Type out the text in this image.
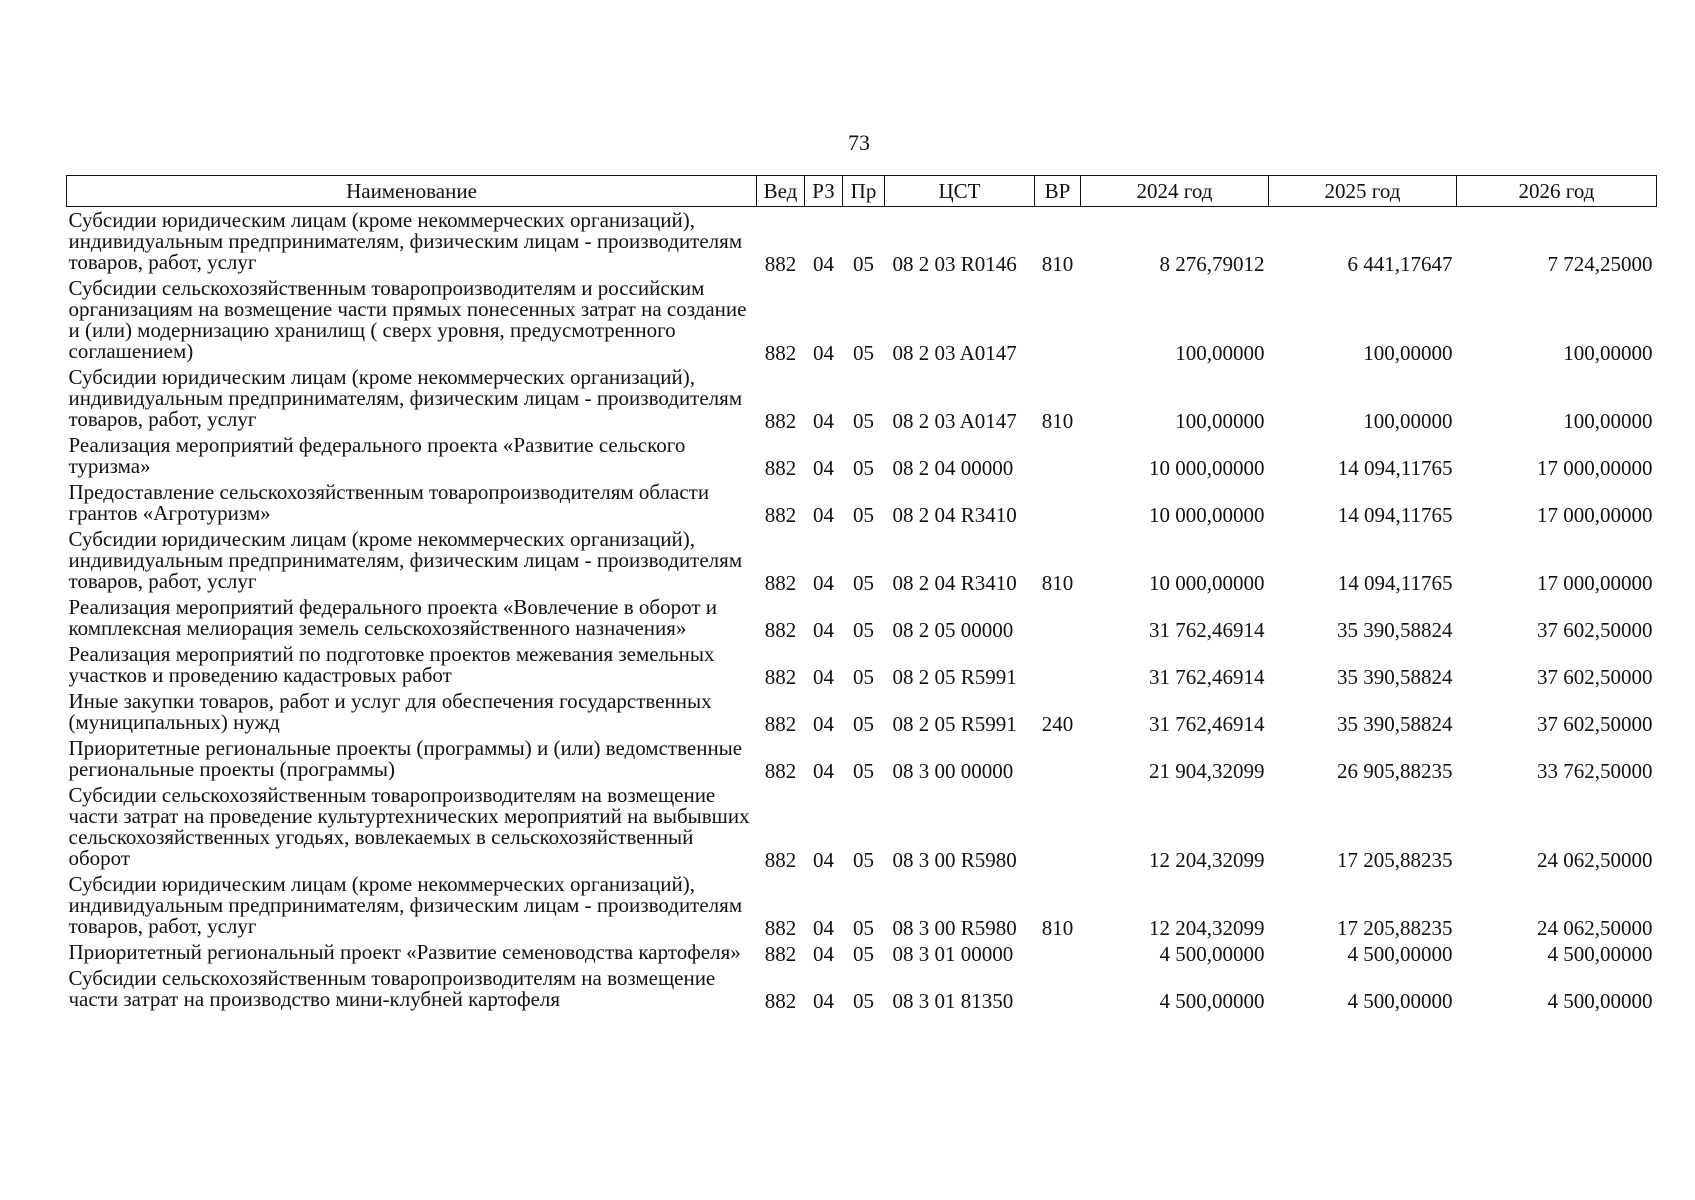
73
Наименование	Вед	РЗ	Пр	ЦСТ	ВР	2024 год	2025 год	2026 год
Субсидии юридическим лицам (кроме некоммерческих организаций), индивидуальным предпринимателям, физическим лицам - производителям товаров, работ, услуг	882	04	05	08 2 03 R0146	810	8 276,79012	6 441,17647	7 724,25000
Субсидии сельскохозяйственным товаропроизводителям и российским организациям на возмещение части прямых понесенных затрат на создание и (или) модернизацию хранилищ ( сверх уровня, предусмотренного соглашением)	882	04	05	08 2 03 A0147		100,00000	100,00000	100,00000
Субсидии юридическим лицам (кроме некоммерческих организаций), индивидуальным предпринимателям, физическим лицам - производителям товаров, работ, услуг	882	04	05	08 2 03 A0147	810	100,00000	100,00000	100,00000
Реализация мероприятий федерального проекта «Развитие сельского туризма»	882	04	05	08 2 04 00000		10 000,00000	14 094,11765	17 000,00000
Предоставление сельскохозяйственным товаропроизводителям области грантов «Агротуризм»	882	04	05	08 2 04 R3410		10 000,00000	14 094,11765	17 000,00000
Субсидии юридическим лицам (кроме некоммерческих организаций), индивидуальным предпринимателям, физическим лицам - производителям товаров, работ, услуг	882	04	05	08 2 04 R3410	810	10 000,00000	14 094,11765	17 000,00000
Реализация мероприятий федерального проекта «Вовлечение в оборот и комплексная мелиорация земель сельскохозяйственного назначения»	882	04	05	08 2 05 00000		31 762,46914	35 390,58824	37 602,50000
Реализация мероприятий по подготовке проектов межевания земельных участков и проведению кадастровых работ	882	04	05	08 2 05 R5991		31 762,46914	35 390,58824	37 602,50000
Иные закупки товаров, работ и услуг для обеспечения государственных (муниципальных) нужд	882	04	05	08 2 05 R5991	240	31 762,46914	35 390,58824	37 602,50000
Приоритетные региональные проекты (программы) и (или) ведомственные региональные проекты (программы)	882	04	05	08 3 00 00000		21 904,32099	26 905,88235	33 762,50000
Субсидии сельскохозяйственным товаропроизводителям на возмещение части затрат на проведение культуртехнических мероприятий на выбывших сельскохозяйственных угодьях, вовлекаемых в сельскохозяйственный оборот	882	04	05	08 3 00 R5980		12 204,32099	17 205,88235	24 062,50000
Субсидии юридическим лицам (кроме некоммерческих организаций), индивидуальным предпринимателям, физическим лицам - производителям товаров, работ, услуг	882	04	05	08 3 00 R5980	810	12 204,32099	17 205,88235	24 062,50000
Приоритетный региональный проект «Развитие семеноводства картофеля»	882	04	05	08 3 01 00000		4 500,00000	4 500,00000	4 500,00000
Субсидии сельскохозяйственным товаропроизводителям на возмещение части затрат на производство мини-клубней картофеля	882	04	05	08 3 01 81350		4 500,00000	4 500,00000	4 500,00000
